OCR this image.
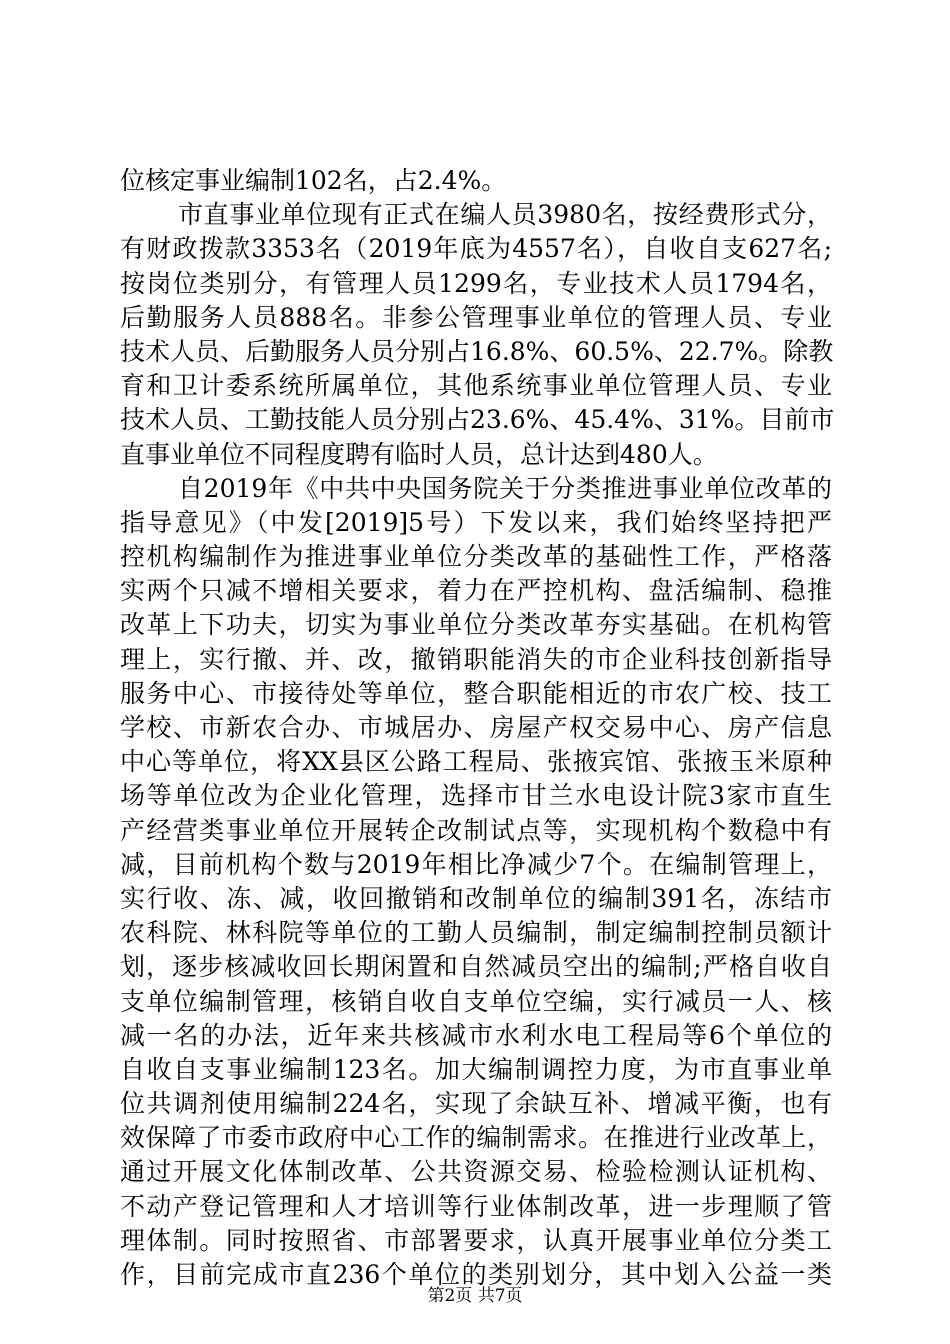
位核定事业编制102名，占2.4%。
市直事业单位现有正式在编人员3980名，按经费形式分，
有财政拨款3353名（2019年底为4557名），自收自支627名;
按岗位类别分，有管理人员1299名，专业技术人员1794名，
后勤服务人员888名。非参公管理事业单位的管理人员、专业
技术人员、后勤服务人员分别占16.8%、60.5%、22.7%。除教
育和卫计委系统所属单位，其他系统事业单位管理人员、专业
技术人员、工勤技能人员分别占23.6%、45.4%、31%。目前市
直事业单位不同程度聘有临时人员，总计达到480人。
自2019年《中共中央国务院关于分类推进事业单位改革的
指导意见》（中发[2019]5号）下发以来，我们始终坚持把严
控机构编制作为推进事业单位分类改革的基础性工作，严格落
实两个只减不增相关要求，着力在严控机构、盘活编制、稳推
改革上下功夫，切实为事业单位分类改革夯实基础。在机构管
理上，实行撤、并、改，撤销职能消失的市企业科技创新指导
服务中心、市接待处等单位，整合职能相近的市农广校、技工
学校、市新农合办、市城居办、房屋产权交易中心、房产信息
中心等单位，将XX县区公路工程局、张掖宾馆、张掖玉米原种
场等单位改为企业化管理，选择市甘兰水电设计院3家市直生
产经营类事业单位开展转企改制试点等，实现机构个数稳中有
减，目前机构个数与2019年相比净减少7个。在编制管理上，
实行收、冻、减，收回撤销和改制单位的编制391名，冻结市
农科院、林科院等单位的工勤人员编制，制定编制控制员额计
划，逐步核减收回长期闲置和自然减员空出的编制;严格自收自
支单位编制管理，核销自收自支单位空编，实行减员一人、核
减一名的办法，近年来共核减市水利水电工程局等6个单位的
自收自支事业编制123名。加大编制调控力度，为市直事业单
位共调剂使用编制224名，实现了余缺互补、增减平衡，也有
效保障了市委市政府中心工作的编制需求。在推进行业改革上，
通过开展文化体制改革、公共资源交易、检验检测认证机构、
不动产登记管理和人才培训等行业体制改革，进一步理顺了管
理体制。同时按照省、市部署要求，认真开展事业单位分类工
作，目前完成市直236个单位的类别划分，其中划入公益一类
第2页 共7页
